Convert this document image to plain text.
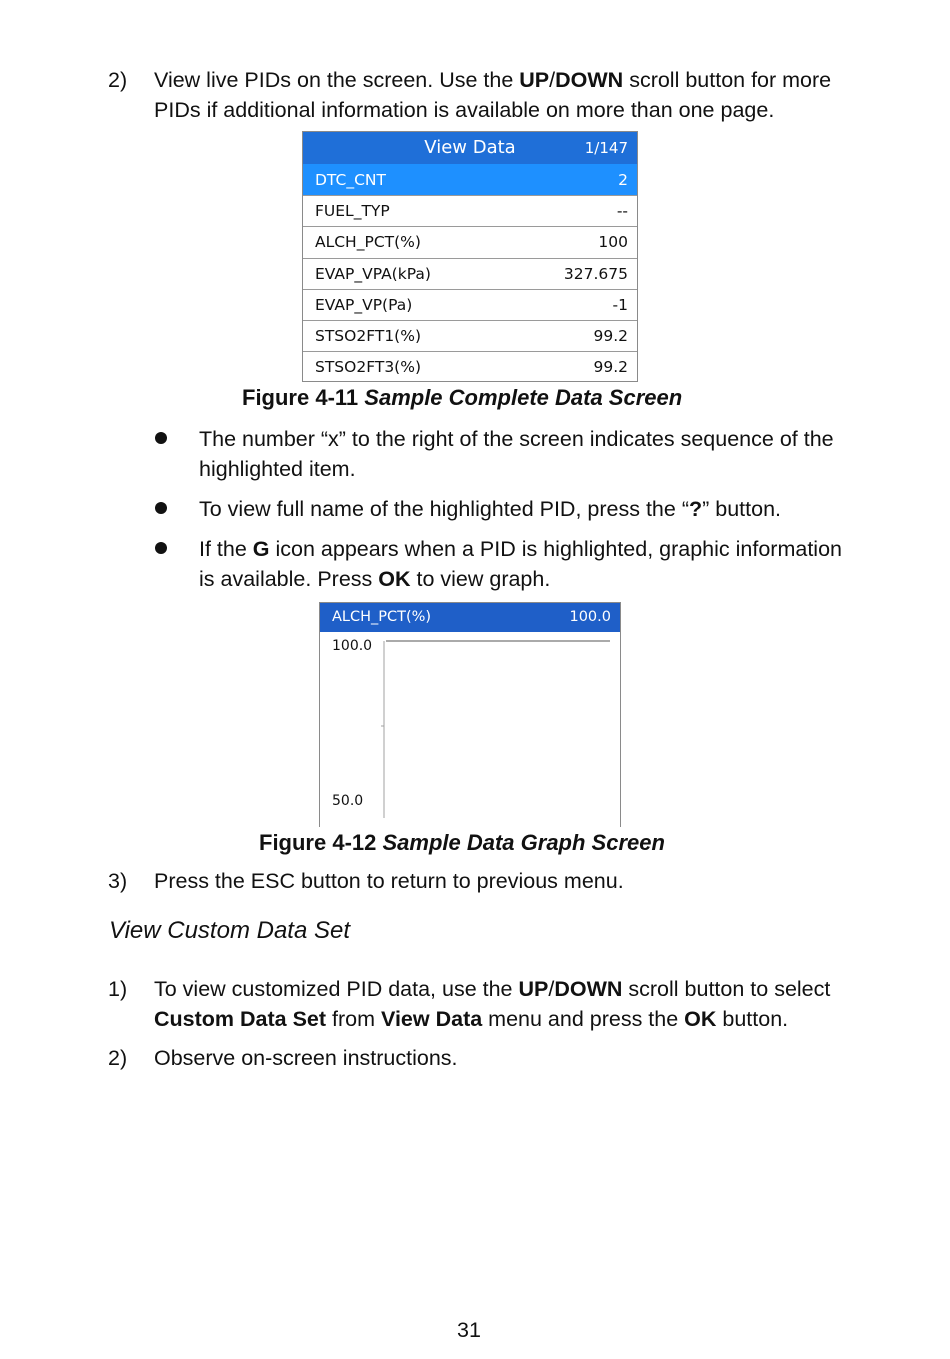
2) View live PIDs on the screen. Use the UP/DOWN scroll button for more
PIDs if additional information is available on more than one page.
View Data	1/147
DTC_CNT	2
FUEL_TYP	--
ALCH_PCT(%)	100
EVAP_VPA(kPa)	327.675
EVAP_VP(Pa)	-1
STSO2FT1(%)	99.2
STSO2FT3(%)	99.2
Figure 4-11 Sample Complete Data Screen
The number “x” to the right of the screen indicates sequence of the
highlighted item.
To view full name of the highlighted PID, press the “?” button.
If the G icon appears when a PID is highlighted, graphic information
is available. Press OK to view graph.
ALCH_PCT(%)	100.0
100.0
50.0
Figure 4-12 Sample Data Graph Screen
3) Press the ESC button to return to previous menu.
View Custom Data Set
1) To view customized PID data, use the UP/DOWN scroll button to select
Custom Data Set from View Data menu and press the OK button.
2) Observe on-screen instructions.
31
